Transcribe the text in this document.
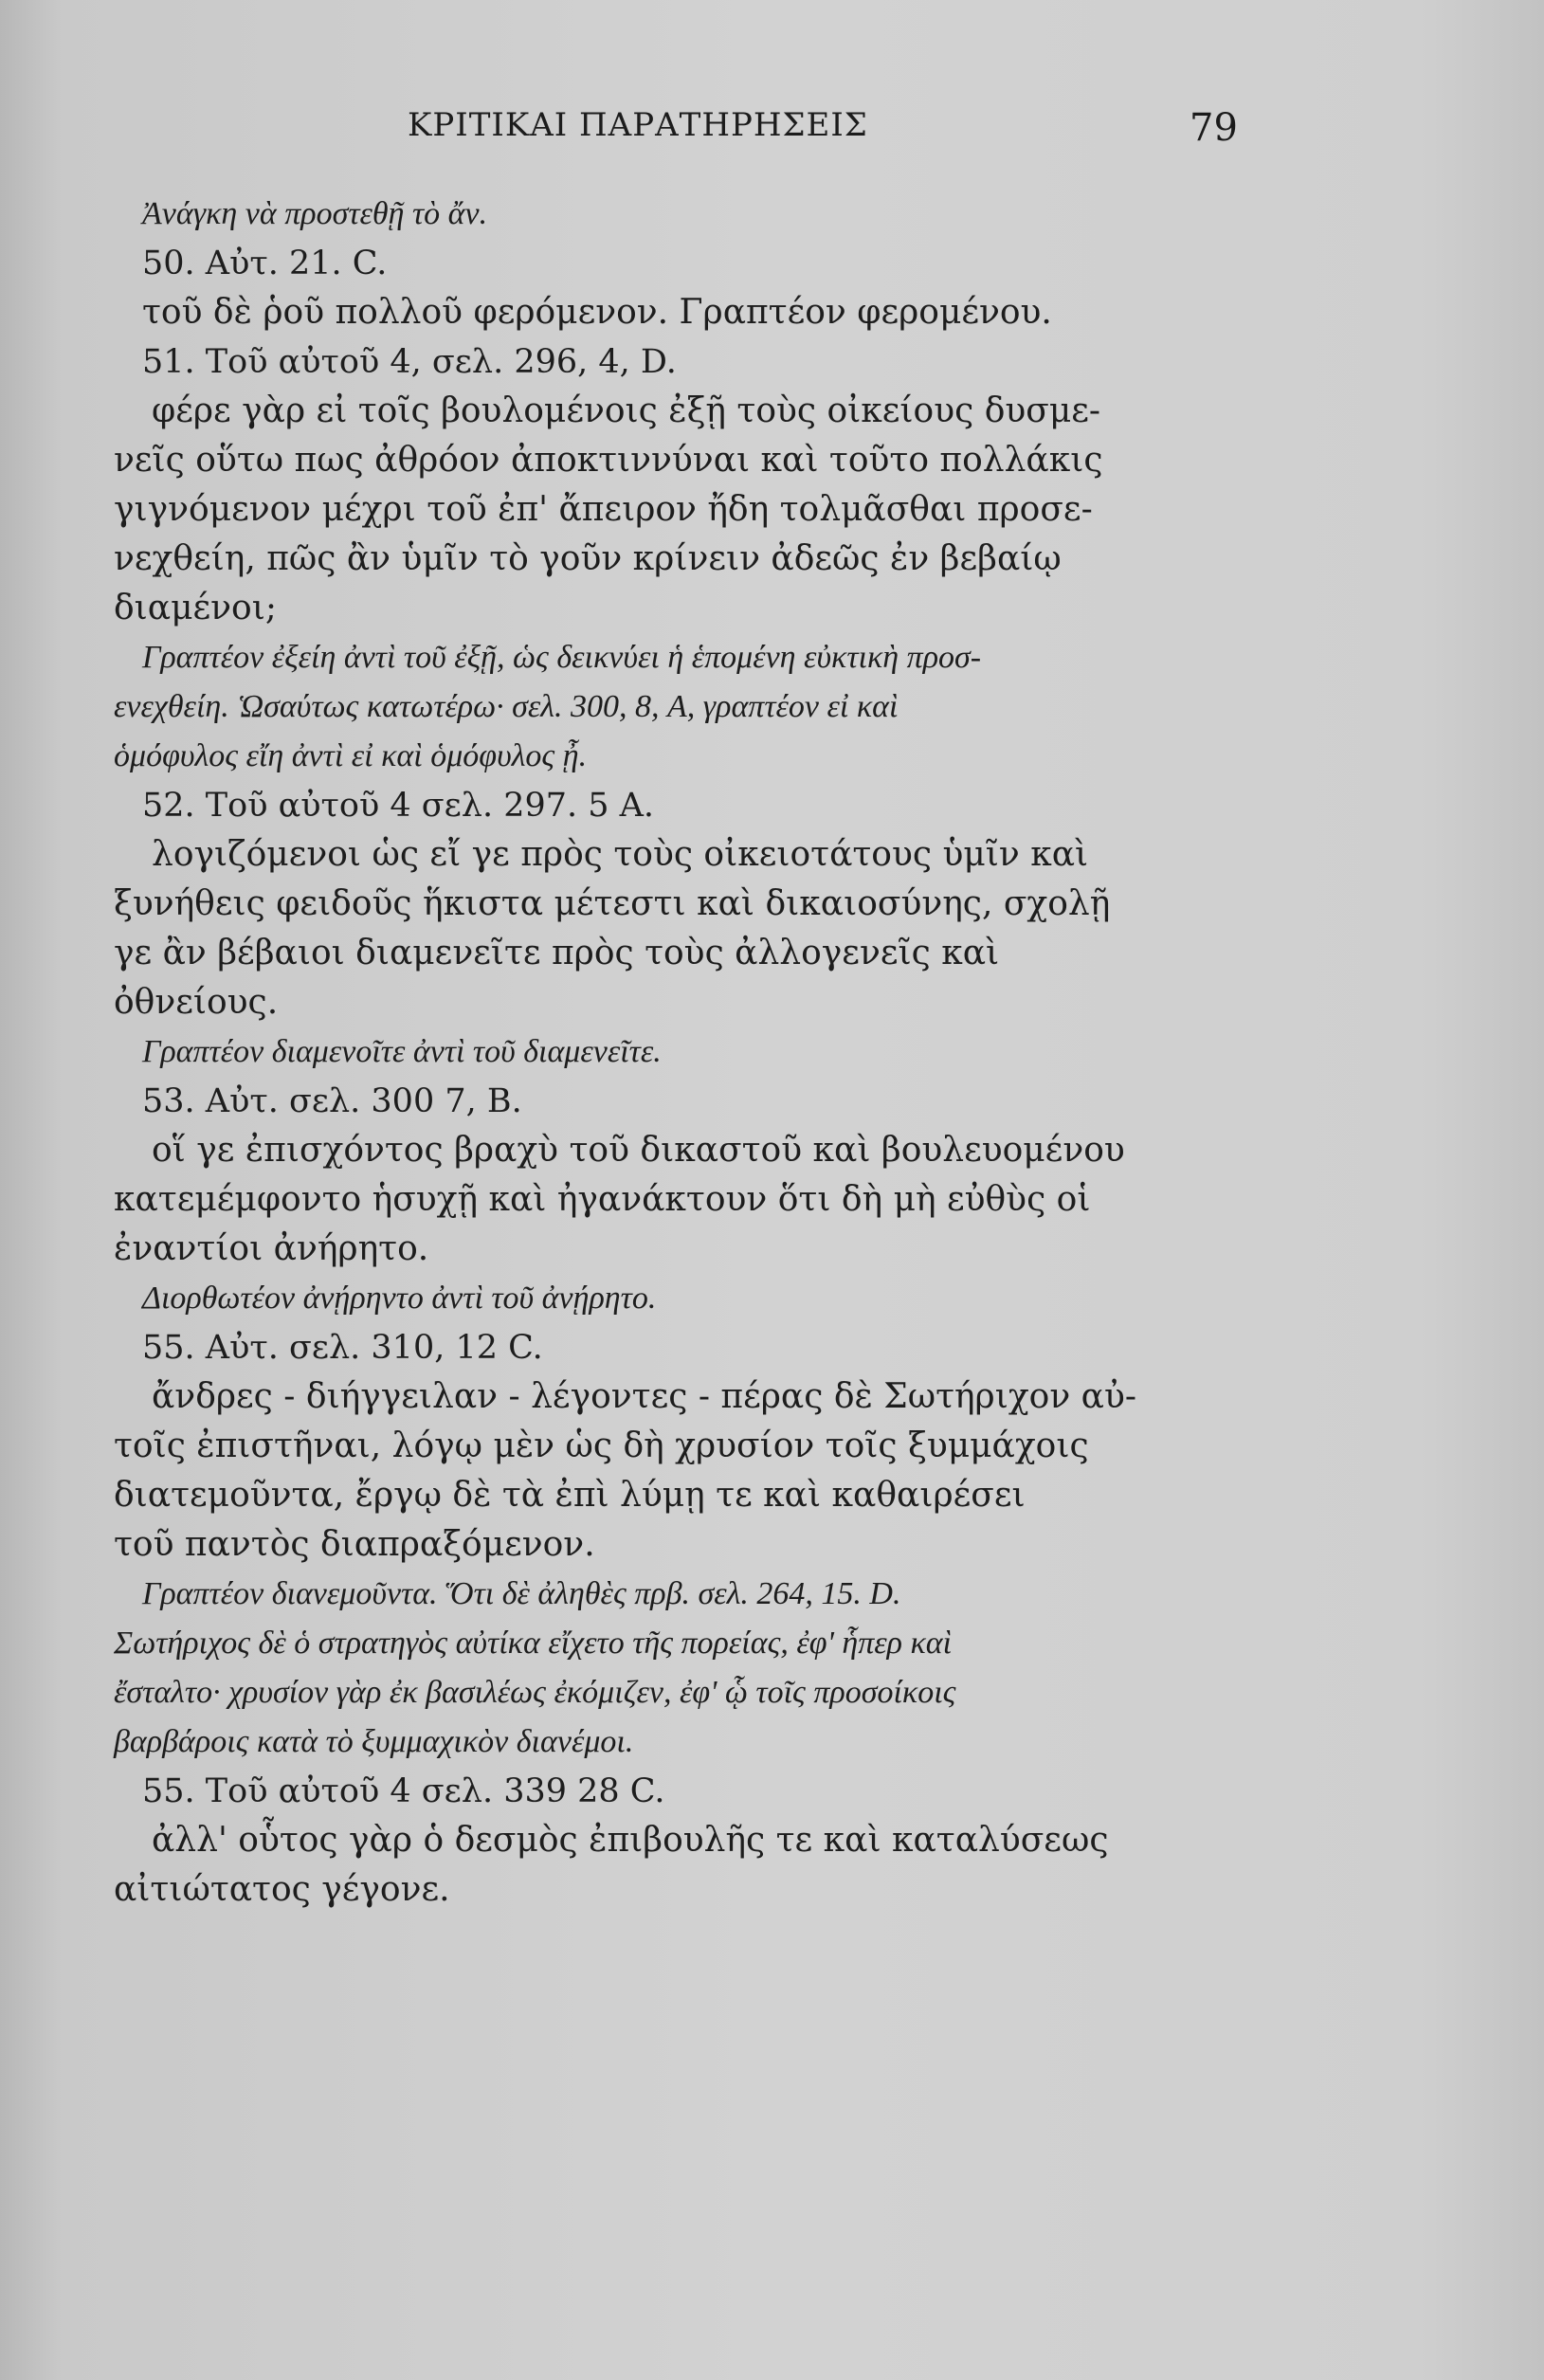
ΚΡΙΤΙΚΑΙ ΠΑΡΑΤΗΡΗΣΕΙΣ	79
Ἀνάγκη νὰ προστεθῇ τὸ ἄν.
50. Αὐτ. 21. C.
τοῦ δὲ ῥοῦ πολλοῦ φερόμενον. Γραπτέον φερομένου.
51. Τοῦ αὐτοῦ 4, σελ. 296, 4, D.
φέρε γὰρ εἰ τοῖς βουλομένοις ἐξῇ τοὺς οἰκείους δυσμε-
νεῖς οὕτω πως ἀθρόον ἀποκτιννύναι καὶ τοῦτο πολλάκις
γιγνόμενον μέχρι τοῦ ἐπ' ἄπειρον ἤδη τολμᾶσθαι προσε-
νεχθείη, πῶς ἂν ὑμῖν τὸ γοῦν κρίνειν ἀδεῶς ἐν βεβαίῳ
διαμένοι;
Γραπτέον ἐξείη ἀντὶ τοῦ ἐξῇ, ὡς δεικνύει ἡ ἑπομένη εὐκτικὴ προσ-
ενεχθείη. Ὡσαύτως κατωτέρω· σελ. 300, 8, A, γραπτέον εἰ καὶ
ὁμόφυλος εἴη ἀντὶ εἰ καὶ ὁμόφυλος ᾖ.
52. Τοῦ αὐτοῦ 4 σελ. 297. 5 A.
λογιζόμενοι ὡς εἴ γε πρὸς τοὺς οἰκειοτάτους ὑμῖν καὶ
ξυνήθεις φειδοῦς ἥκιστα μέτεστι καὶ δικαιοσύνης, σχολῇ
γε ἂν βέβαιοι διαμενεῖτε πρὸς τοὺς ἀλλογενεῖς καὶ
ὀθνείους.
Γραπτέον διαμενοῖτε ἀντὶ τοῦ διαμενεῖτε.
53. Αὐτ. σελ. 300 7, B.
οἵ γε ἐπισχόντος βραχὺ τοῦ δικαστοῦ καὶ βουλευομένου
κατεμέμφοντο ἡσυχῇ καὶ ἠγανάκτουν ὅτι δὴ μὴ εὐθὺς οἱ
ἐναντίοι ἀνήρητο.
Διορθωτέον ἀνῄρηντο ἀντὶ τοῦ ἀνῄρητο.
55. Αὐτ. σελ. 310, 12 C.
ἄνδρες - διήγγειλαν - λέγοντες - πέρας δὲ Σωτήριχον αὐ-
τοῖς ἐπιστῆναι, λόγῳ μὲν ὡς δὴ χρυσίον τοῖς ξυμμάχοις
διατεμοῦντα, ἔργῳ δὲ τὰ ἐπὶ λύμῃ τε καὶ καθαιρέσει
τοῦ παντὸς διαπραξόμενον.
Γραπτέον διανεμοῦντα. Ὅτι δὲ ἀληθὲς πρβ. σελ. 264, 15. D.
Σωτήριχος δὲ ὁ στρατηγὸς αὐτίκα εἴχετο τῆς πορείας, ἐφ' ἧπερ καὶ
ἔσταλτο· χρυσίον γὰρ ἐκ βασιλέως ἐκόμιζεν, ἐφ' ᾧ τοῖς προσοίκοις
βαρβάροις κατὰ τὸ ξυμμαχικὸν διανέμοι.
55. Τοῦ αὐτοῦ 4 σελ. 339 28 C.
ἀλλ' οὗτος γὰρ ὁ δεσμὸς ἐπιβουλῆς τε καὶ καταλύσεως
αἰτιώτατος γέγονε.
